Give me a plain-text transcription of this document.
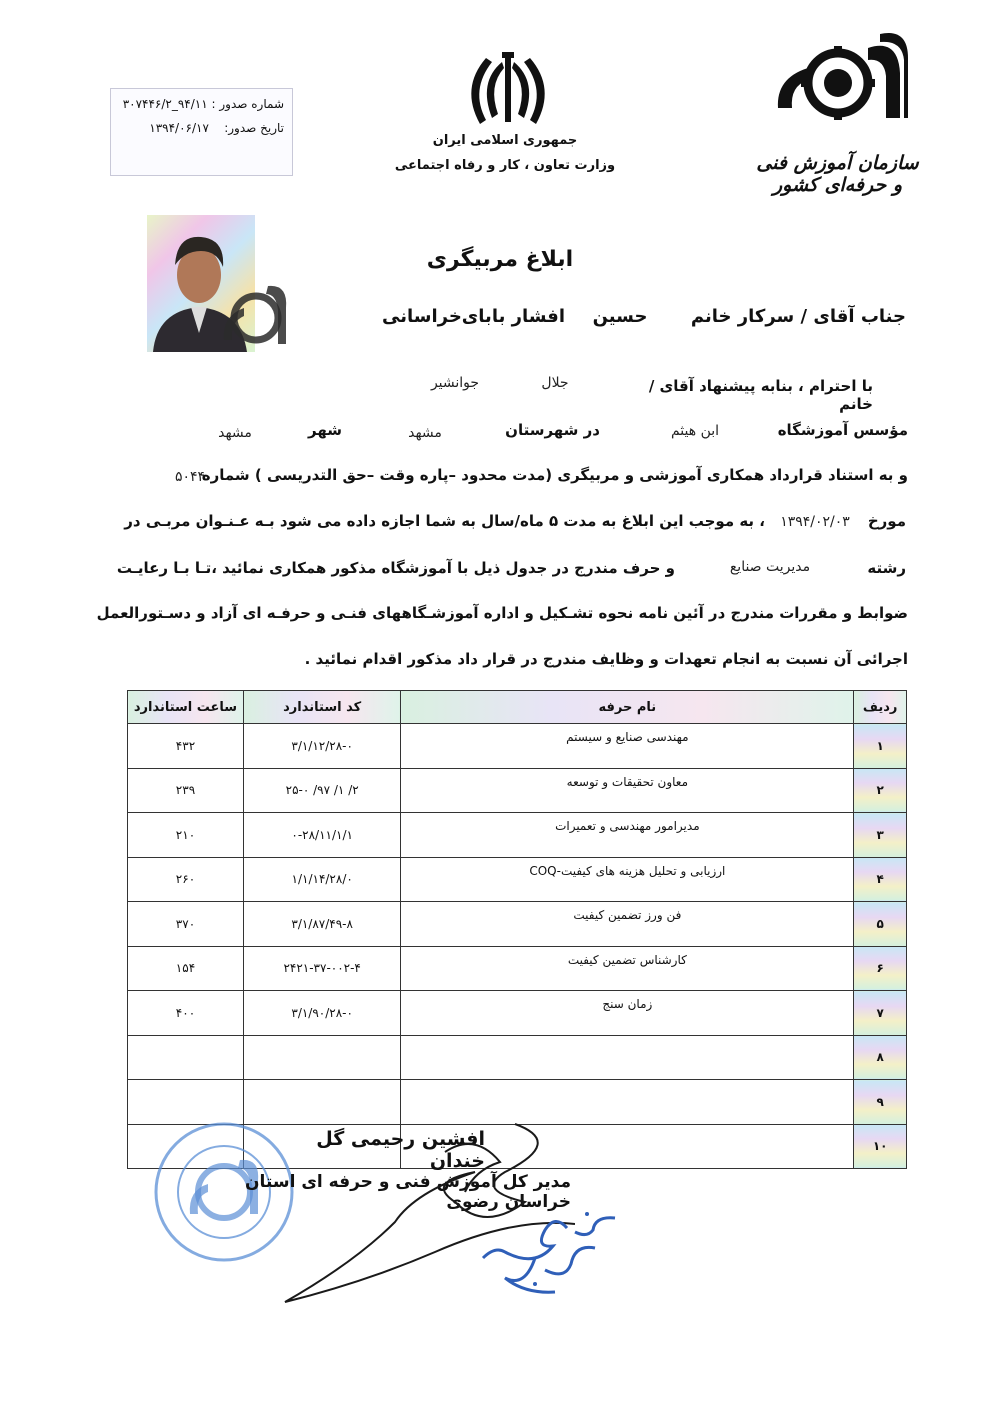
سازمان آموزش فنی و حرفه‌ای کشور
جمهوری اسلامی ایران
وزارت تعاون ، کار و رفاه اجتماعی
شماره صدور : ۹۴/۱۱_۳۰۷۴۴۶/۲
تاریخ صدور:    ۱۳۹۴/۰۶/۱۷
ابلاغ مربیگری
جناب آقای / سرکار خانم
حسین
افشار بابای‌خراسانی
با احترام ، بنابه پیشنهاد آقای / خانم
جلال
جوانشیر
مؤسس آموزشگاه
ابن هیثم
در شهرستان
مشهد
شهر
مشهد
و به استناد قرارداد همکاری آموزشی و مربیگری (مدت محدود –پاره وقت –حق التدریسی ) شماره
۵۰۴۴
مورخ
۱۳۹۴/۰۲/۰۳
، به موجب این ابلاغ به مدت ۵ ماه/سال به شما اجازه داده می شود بـه عـنـوان مربـی در
رشته
مدیریت صنایع
و حرف مندرج در جدول ذیل با آموزشگاه مذکور همکاری نمائید ،تـا بـا رعایـت
ضوابط و مقررات مندرج در آئین نامه نحوه تشـکیل و اداره آموزشـگاههای فنـی و حرفـه ای آزاد و دسـتورالعمل
اجرائی آن نسبت به انجام تعهدات و وظایف مندرج در قرار داد مذکور اقدام نمائید .
ردیف	نام حرفه	کد استاندارد	ساعت استاندارد
۱	مهندسی صنایع و سیستم	۳/۱/۱۲/۲۸-۰	۴۳۲
۲	معاون تحقیقات و توسعه	۲/ ۱/ ۹۷/ ۲۵-۰	۲۳۹
۳	مدیرامور مهندسی و تعمیرات	۰-۲۸/۱۱/۱/۱	۲۱۰
۴	ارزیابی و تحلیل هزینه های کیفیت-COQ	۱/۱/۱۴/۲۸/۰	۲۶۰
۵	فن ورز تضمین کیفیت	۳/۱/۸۷/۴۹-۸	۳۷۰
۶	کارشناس تضمین کیفیت	۲۴۲۱-۳۷-۰۰۲-۴	۱۵۴
۷	زمان سنج	۳/۱/۹۰/۲۸-۰	۴۰۰
۸			
۹			
۱۰			
افشین رحیمی گل خندان
مدیر کل آموزش فنی و حرفه ای استان خراسان رضوی
